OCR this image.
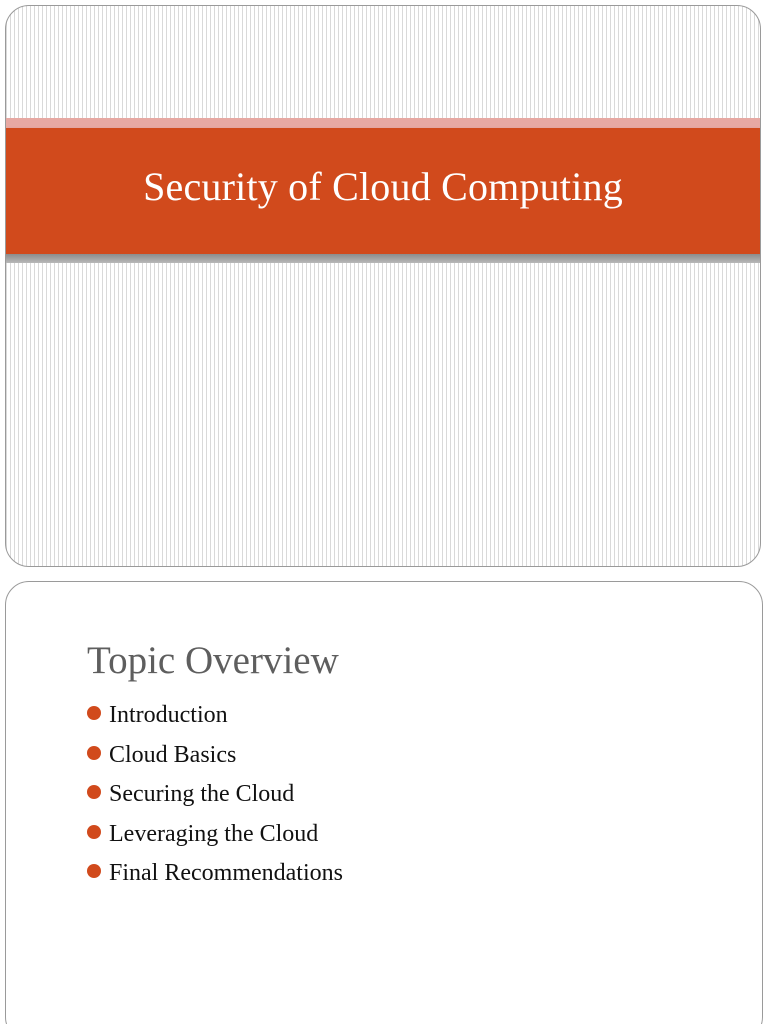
Security of Cloud Computing
Topic Overview
Introduction
Cloud Basics
Securing the Cloud
Leveraging the Cloud
Final Recommendations
